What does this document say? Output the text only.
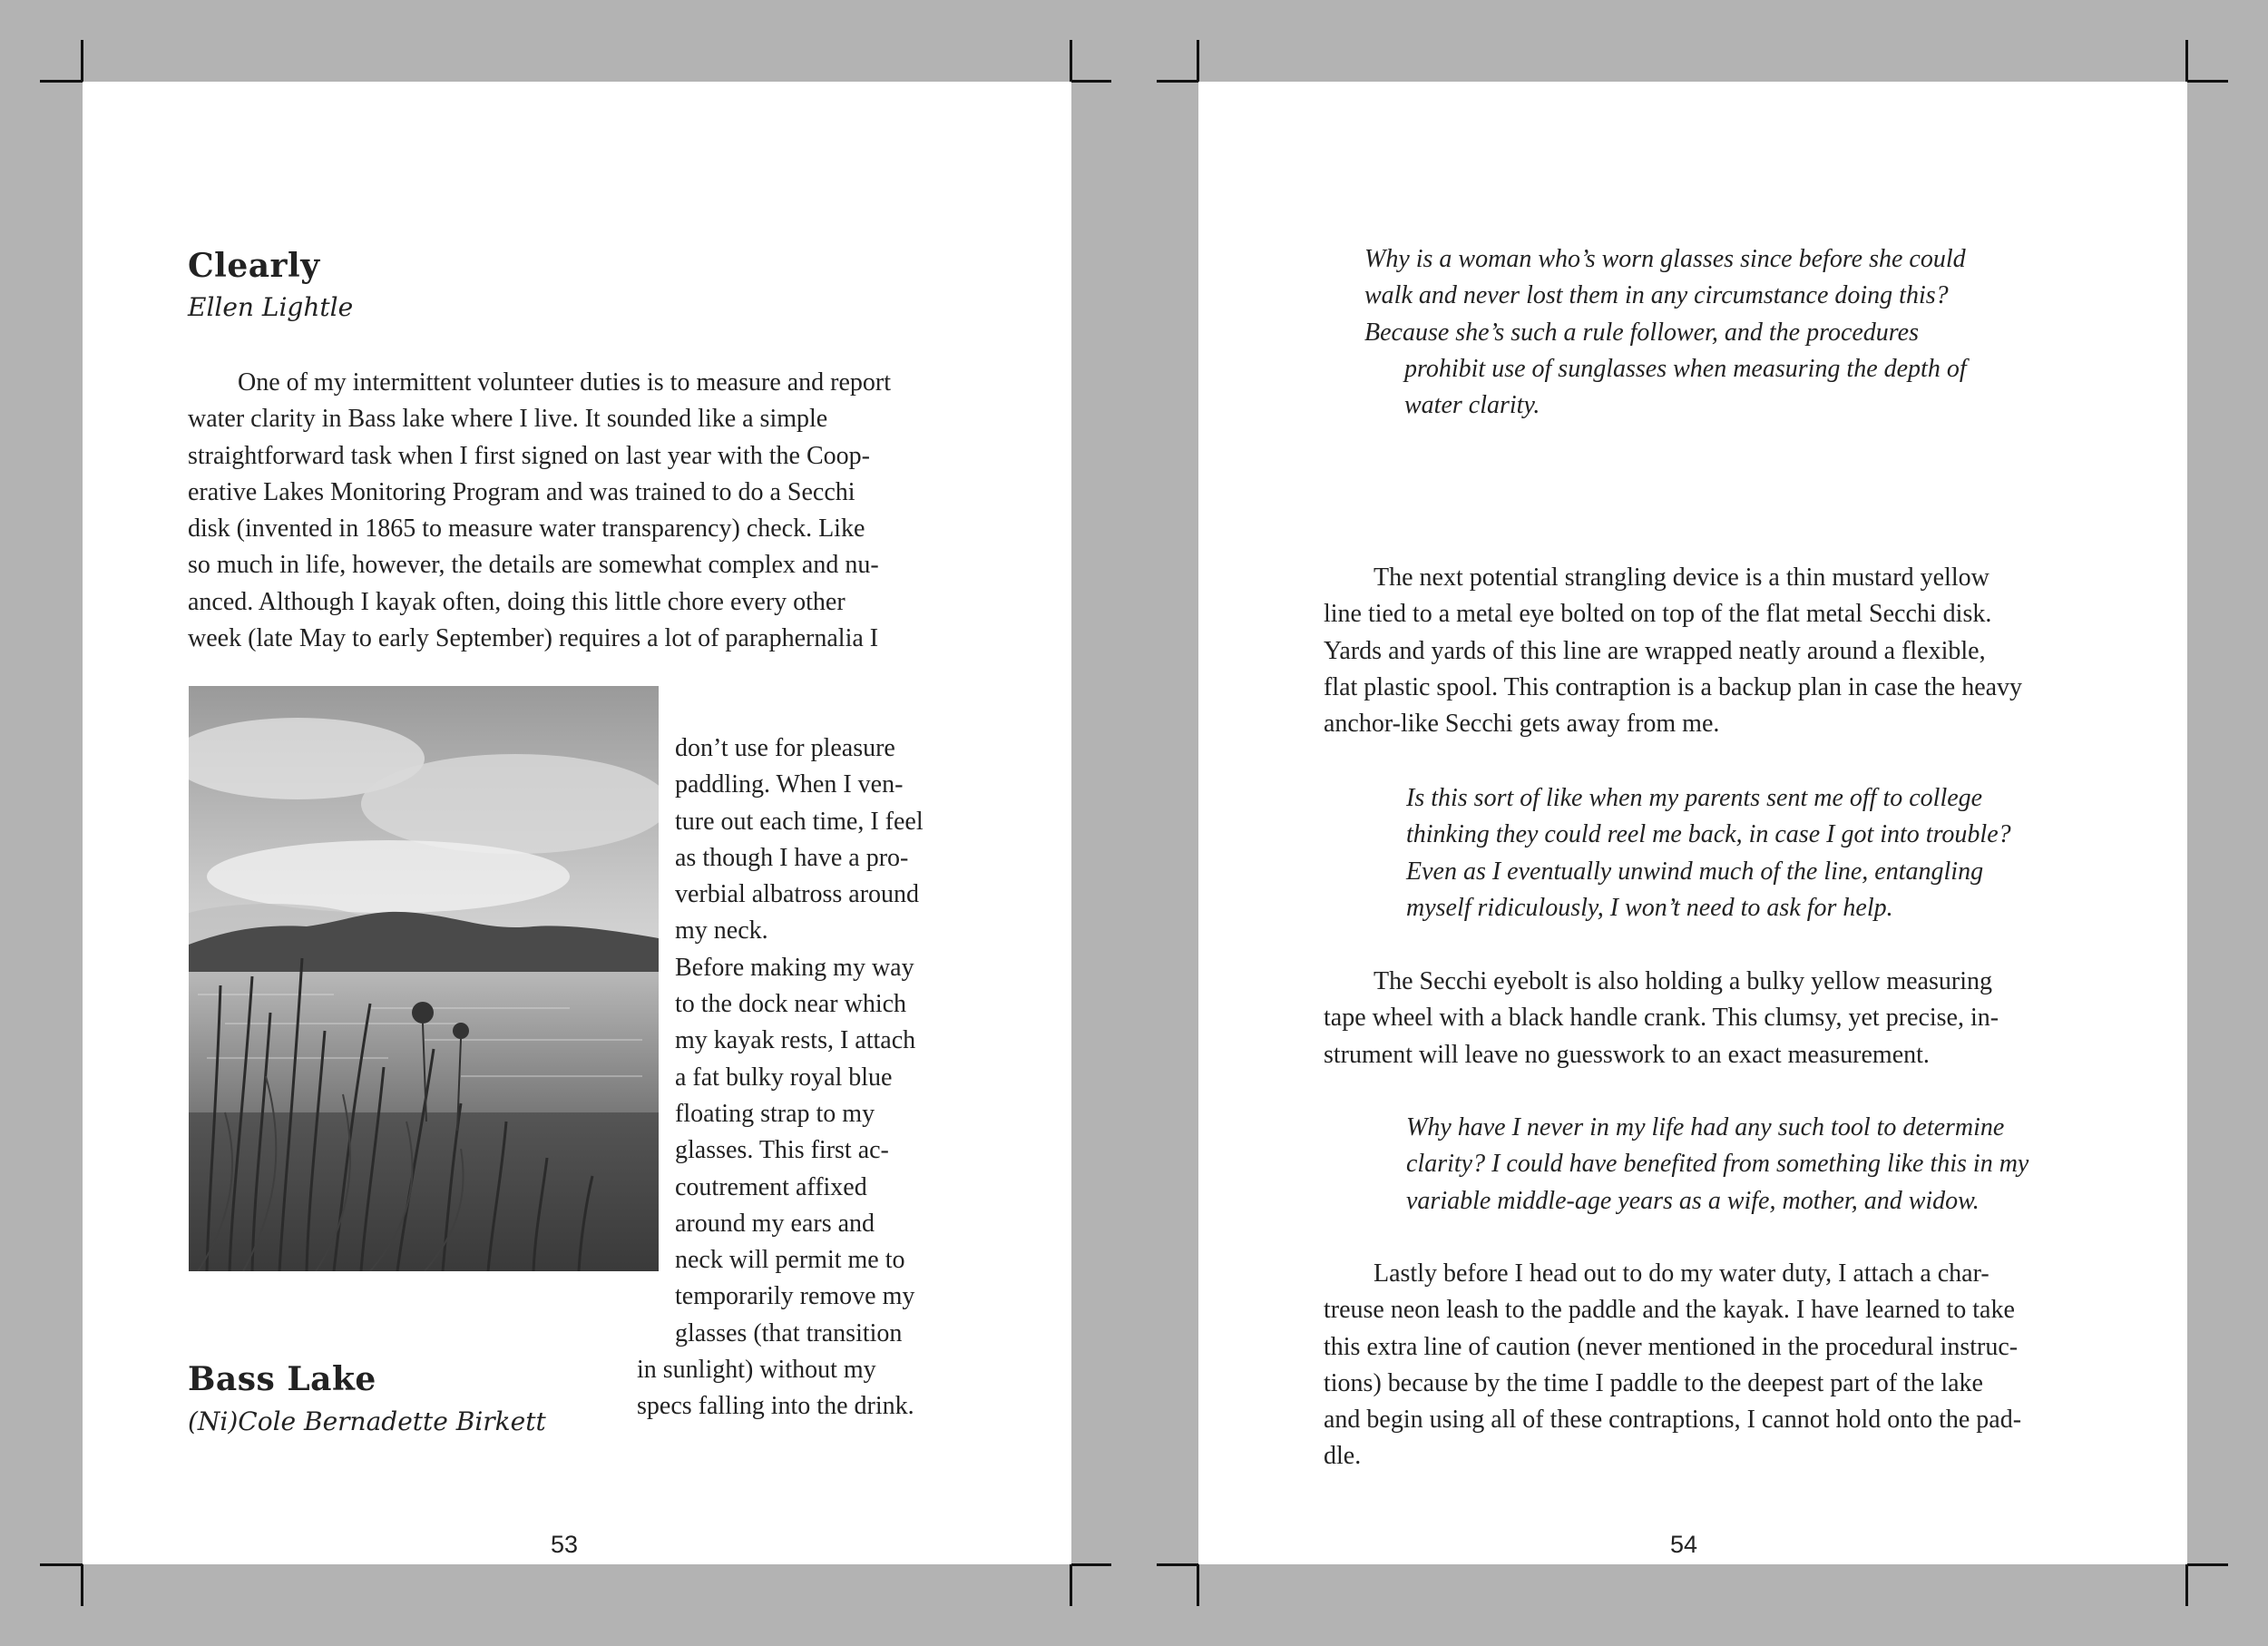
Clearly
Ellen Lightle
One of my intermittent volunteer duties is to measure and report
water clarity in Bass lake where I live. It sounded like a simple
straightforward task when I first signed on last year with the Coop-
erative Lakes Monitoring Program and was trained to do a Secchi
disk (invented in 1865 to measure water transparency) check. Like
so much in life, however, the details are somewhat complex and nu-
anced. Although I kayak often, doing this little chore every other
week (late May to early September) requires a lot of paraphernalia I
don’t use for pleasure
paddling. When I ven-
ture out each time, I feel
as though I have a pro-
verbial albatross around
my neck.
Before making my way
to the dock near which
my kayak rests, I attach
a fat bulky royal blue
floating strap to my
glasses. This first ac-
coutrement affixed
around my ears and
neck will permit me to
temporarily remove my
glasses (that transition
in sunlight) without my
specs falling into the drink.
Bass Lake
(Ni)Cole Bernadette Birkett
53
Why is a woman who’s worn glasses since before she could
walk and never lost them in any circumstance doing this?
Because she’s such a rule follower, and the procedures
prohibit use of sunglasses when measuring the depth of
water clarity.
The next potential strangling device is a thin mustard yellow
line tied to a metal eye bolted on top of the flat metal Secchi disk.
Yards and yards of this line are wrapped neatly around a flexible,
flat plastic spool. This contraption is a backup plan in case the heavy
anchor-like Secchi gets away from me.
Is this sort of like when my parents sent me off to college
thinking they could reel me back, in case I got into trouble?
Even as I eventually unwind much of the line, entangling
myself ridiculously, I won’t need to ask for help.
The Secchi eyebolt is also holding a bulky yellow measuring
tape wheel with a black handle crank. This clumsy, yet precise, in-
strument will leave no guesswork to an exact measurement.
Why have I never in my life had any such tool to determine
clarity? I could have benefited from something like this in my
variable middle-age years as a wife, mother, and widow.
Lastly before I head out to do my water duty, I attach a char-
treuse neon leash to the paddle and the kayak. I have learned to take
this extra line of caution (never mentioned in the procedural instruc-
tions) because by the time I paddle to the deepest part of the lake
and begin using all of these contraptions, I cannot hold onto the pad-
dle.
54
